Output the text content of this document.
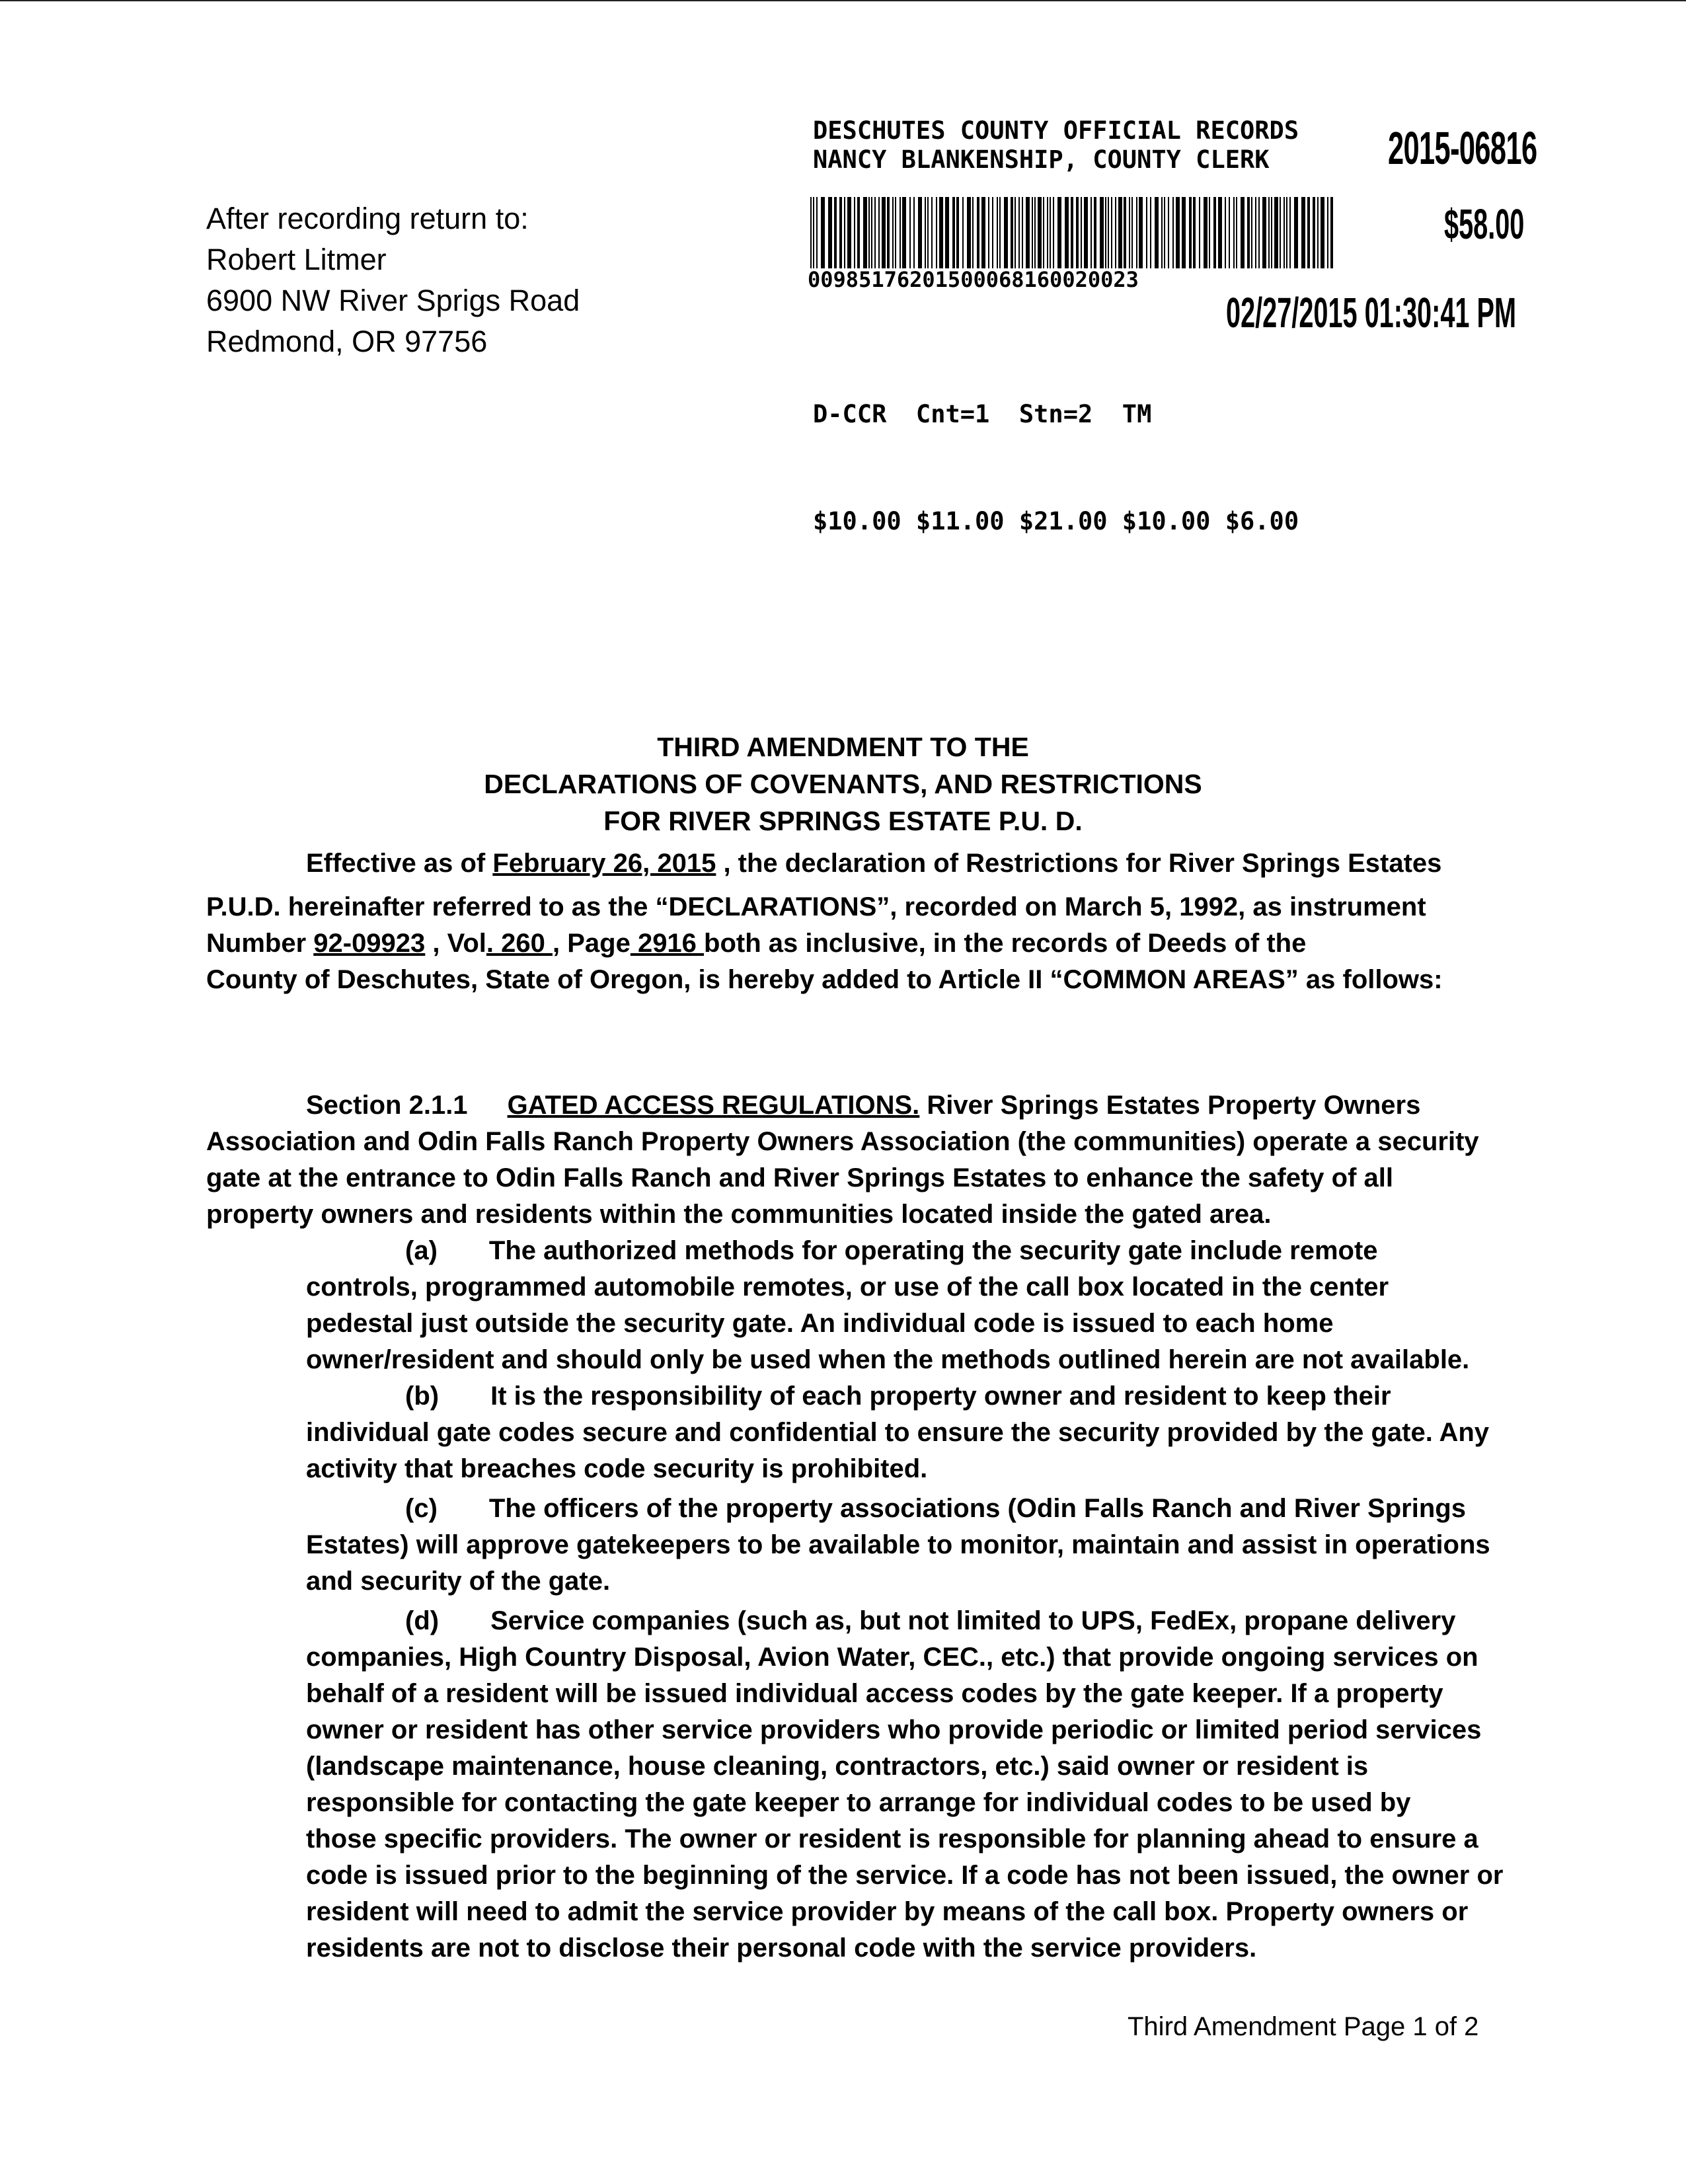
After recording return to:
Robert Litmer
6900 NW River Sprigs Road
Redmond, OR 97756
DESCHUTES COUNTY OFFICIAL RECORDS
NANCY BLANKENSHIP, COUNTY CLERK	2015-06816
$58.00
00985176201500068160020023
02/27/2015 01:30:41 PM

D-CCR  Cnt=1  Stn=2  TM

$10.00 $11.00 $21.00 $10.00 $6.00

THIRD AMENDMENT TO THE
DECLARATIONS OF COVENANTS, AND RESTRICTIONS
FOR RIVER SPRINGS ESTATE P.U. D.
Effective as of February 26, 2015 , the declaration of Restrictions for River Springs Estates
P.U.D. hereinafter referred to as the “DECLARATIONS”, recorded on March 5, 1992, as instrument
Number 92-09923 , Vol. 260 , Page 2916 both as inclusive, in the records of Deeds of the
County of Deschutes, State of Oregon, is hereby added to Article II “COMMON AREAS” as follows:
Section 2.1.1 GATED ACCESS REGULATIONS. River Springs Estates Property Owners
Association and Odin Falls Ranch Property Owners Association (the communities) operate a security
gate at the entrance to Odin Falls Ranch and River Springs Estates to enhance the safety of all
property owners and residents within the communities located inside the gated area.
(a) The authorized methods for operating the security gate include remote
controls, programmed automobile remotes, or use of the call box located in the center
pedestal just outside the security gate. An individual code is issued to each home
owner/resident and should only be used when the methods outlined herein are not available.
(b) It is the responsibility of each property owner and resident to keep their
individual gate codes secure and confidential to ensure the security provided by the gate. Any
activity that breaches code security is prohibited.
(c) The officers of the property associations (Odin Falls Ranch and River Springs
Estates) will approve gatekeepers to be available to monitor, maintain and assist in operations
and security of the gate.
(d) Service companies (such as, but not limited to UPS, FedEx, propane delivery
companies, High Country Disposal, Avion Water, CEC., etc.) that provide ongoing services on
behalf of a resident will be issued individual access codes by the gate keeper. If a property
owner or resident has other service providers who provide periodic or limited period services
(landscape maintenance, house cleaning, contractors, etc.) said owner or resident is
responsible for contacting the gate keeper to arrange for individual codes to be used by
those specific providers. The owner or resident is responsible for planning ahead to ensure a
code is issued prior to the beginning of the service. If a code has not been issued, the owner or
resident will need to admit the service provider by means of the call box. Property owners or
residents are not to disclose their personal code with the service providers.
Third Amendment Page 1 of 2
